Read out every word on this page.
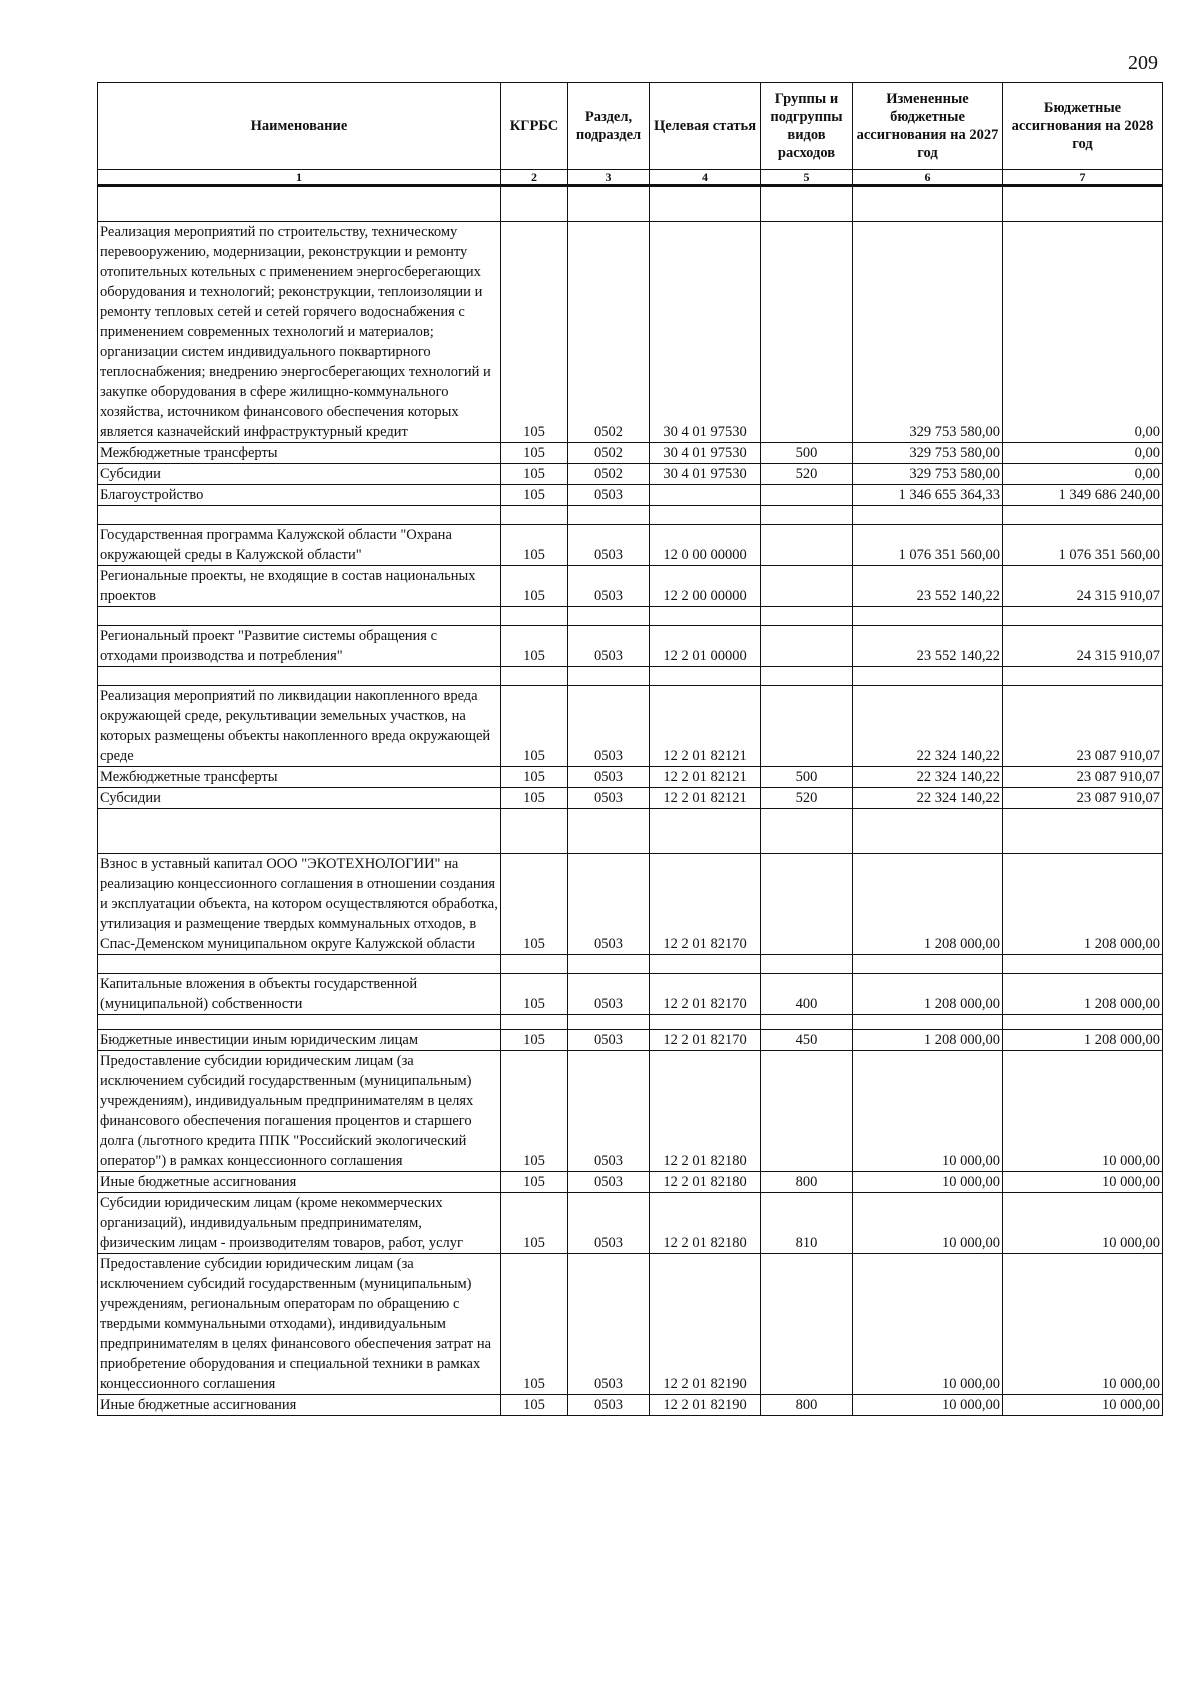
209
Наименование	КГРБС	Раздел, подраздел	Целевая статья	Группы и подгруппы видов расходов	Измененные бюджетные ассигнования на 2027 год	Бюджетные ассигнования на 2028 год
1	2	3	4	5	6	7

Реализация мероприятий по строительству, техническому перевооружению, модернизации, реконструкции и ремонту отопительных котельных с применением энергосберегающих оборудования и технологий; реконструкции, теплоизоляции и ремонту тепловых сетей и сетей горячего водоснабжения с применением современных технологий и материалов; организации систем индивидуального поквартирного теплоснабжения; внедрению энергосберегающих технологий и закупке оборудования в сфере жилищно-коммунального хозяйства, источником финансового обеспечения которых является казначейский инфраструктурный кредит	105	0502	30 4 01 97530		329 753 580,00	0,00
Межбюджетные трансферты	105	0502	30 4 01 97530	500	329 753 580,00	0,00
Субсидии	105	0502	30 4 01 97530	520	329 753 580,00	0,00
Благоустройство	105	0503			1 346 655 364,33	1 349 686 240,00

Государственная программа Калужской области "Охрана окружающей среды в Калужской области"	105	0503	12 0 00 00000		1 076 351 560,00	1 076 351 560,00
Региональные проекты, не входящие в состав национальных проектов	105	0503	12 2 00 00000		23 552 140,22	24 315 910,07

Региональный проект "Развитие системы обращения с отходами производства и потребления"	105	0503	12 2 01 00000		23 552 140,22	24 315 910,07

Реализация мероприятий по ликвидации накопленного вреда окружающей среде, рекультивации земельных участков, на которых размещены объекты накопленного вреда окружающей среде	105	0503	12 2 01 82121		22 324 140,22	23 087 910,07
Межбюджетные трансферты	105	0503	12 2 01 82121	500	22 324 140,22	23 087 910,07
Субсидии	105	0503	12 2 01 82121	520	22 324 140,22	23 087 910,07

Взнос в уставный капитал ООО "ЭКОТЕХНОЛОГИИ" на реализацию концессионного соглашения в отношении создания и эксплуатации объекта, на котором осуществляются обработка, утилизация и размещение твердых коммунальных отходов, в Спас-Деменском муниципальном округе Калужской области	105	0503	12 2 01 82170		1 208 000,00	1 208 000,00

Капитальные вложения в объекты государственной (муниципальной) собственности	105	0503	12 2 01 82170	400	1 208 000,00	1 208 000,00

Бюджетные инвестиции иным юридическим лицам	105	0503	12 2 01 82170	450	1 208 000,00	1 208 000,00
Предоставление субсидии юридическим лицам (за исключением субсидий государственным (муниципальным) учреждениям), индивидуальным предпринимателям в целях финансового обеспечения погашения процентов и старшего долга (льготного кредита ППК "Российский экологический оператор") в рамках концессионного соглашения	105	0503	12 2 01 82180		10 000,00	10 000,00
Иные бюджетные ассигнования	105	0503	12 2 01 82180	800	10 000,00	10 000,00
Субсидии юридическим лицам (кроме некоммерческих организаций), индивидуальным предпринимателям, физическим лицам - производителям товаров, работ, услуг	105	0503	12 2 01 82180	810	10 000,00	10 000,00
Предоставление субсидии юридическим лицам (за исключением субсидий государственным (муниципальным) учреждениям, региональным операторам по обращению с твердыми коммунальными отходами), индивидуальным предпринимателям в целях финансового обеспечения затрат на приобретение оборудования и специальной техники в рамках концессионного соглашения	105	0503	12 2 01 82190		10 000,00	10 000,00
Иные бюджетные ассигнования	105	0503	12 2 01 82190	800	10 000,00	10 000,00
